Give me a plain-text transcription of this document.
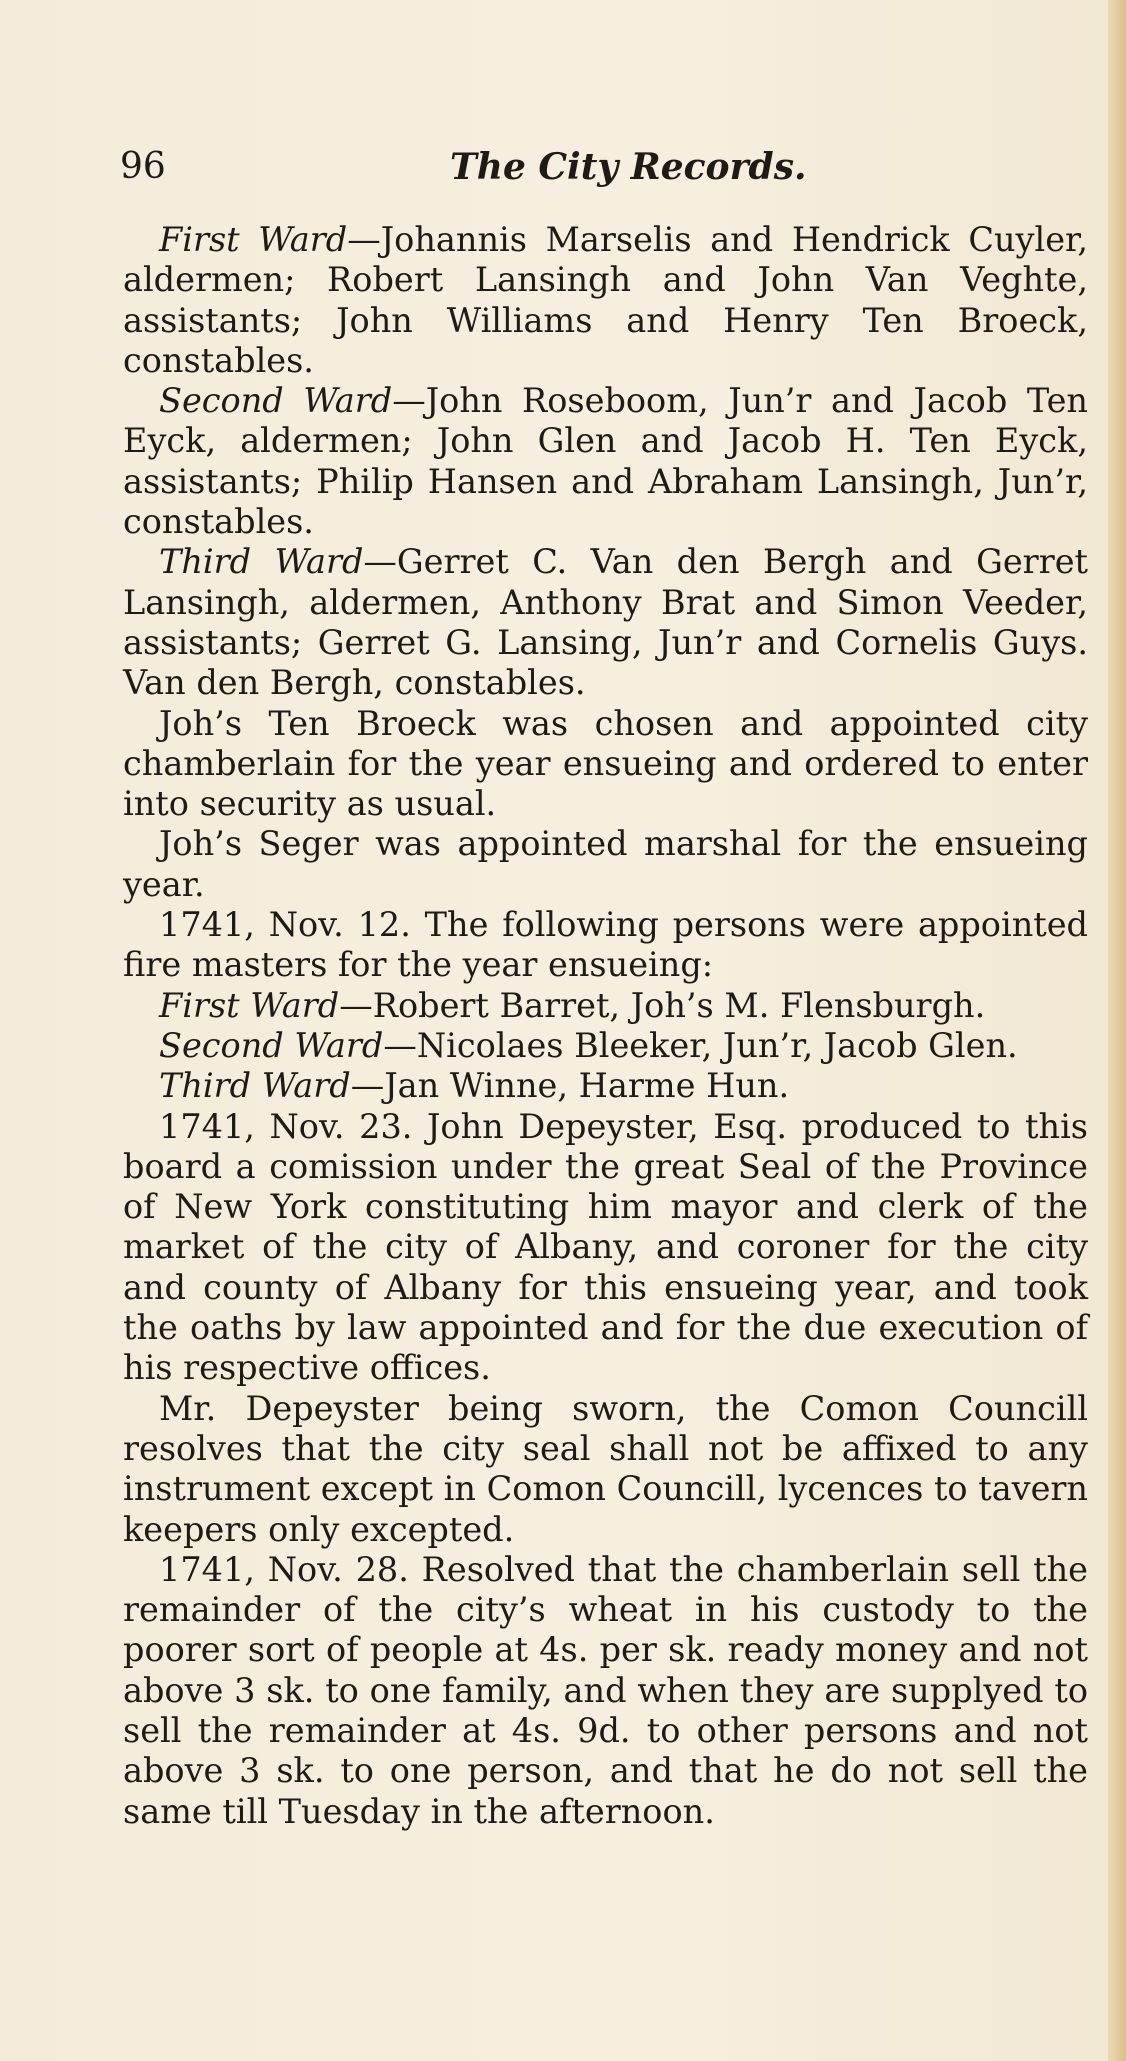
96	The City Records.

First Ward—Johannis Marselis and Hendrick Cuyler, aldermen; Robert Lansingh and John Van Veghte, assistants; John Williams and Henry Ten Broeck, constables.

Second Ward—John Roseboom, Jun’r and Jacob Ten Eyck, aldermen; John Glen and Jacob H. Ten Eyck, assistants; Philip Hansen and Abraham Lansingh, Jun’r, constables.

Third Ward—Gerret C. Van den Bergh and Gerret Lansingh, aldermen, Anthony Brat and Simon Veeder, assistants; Gerret G. Lansing, Jun’r and Cornelis Guys. Van den Bergh, constables.

Joh’s Ten Broeck was chosen and appointed city chamberlain for the year ensueing and ordered to enter into security as usual.

Joh’s Seger was appointed marshal for the ensueing year.

1741, Nov. 12. The following persons were appointed fire masters for the year ensueing:

First Ward—Robert Barret, Joh’s M. Flensburgh.

Second Ward—Nicolaes Bleeker, Jun’r, Jacob Glen.

Third Ward—Jan Winne, Harme Hun.

1741, Nov. 23. John Depeyster, Esq. produced to this board a comission under the great Seal of the Province of New York constituting him mayor and clerk of the market of the city of Albany, and coroner for the city and county of Albany for this ensueing year, and took the oaths by law appointed and for the due execution of his respective offices.

Mr. Depeyster being sworn, the Comon Councill resolves that the city seal shall not be affixed to any instrument except in Comon Councill, lycences to tavern keepers only excepted.

1741, Nov. 28. Resolved that the chamberlain sell the remainder of the city’s wheat in his custody to the poorer sort of people at 4s. per sk. ready money and not above 3 sk. to one family, and when they are supplyed to sell the remainder at 4s. 9d. to other persons and not above 3 sk. to one person, and that he do not sell the same till Tuesday in the afternoon.
